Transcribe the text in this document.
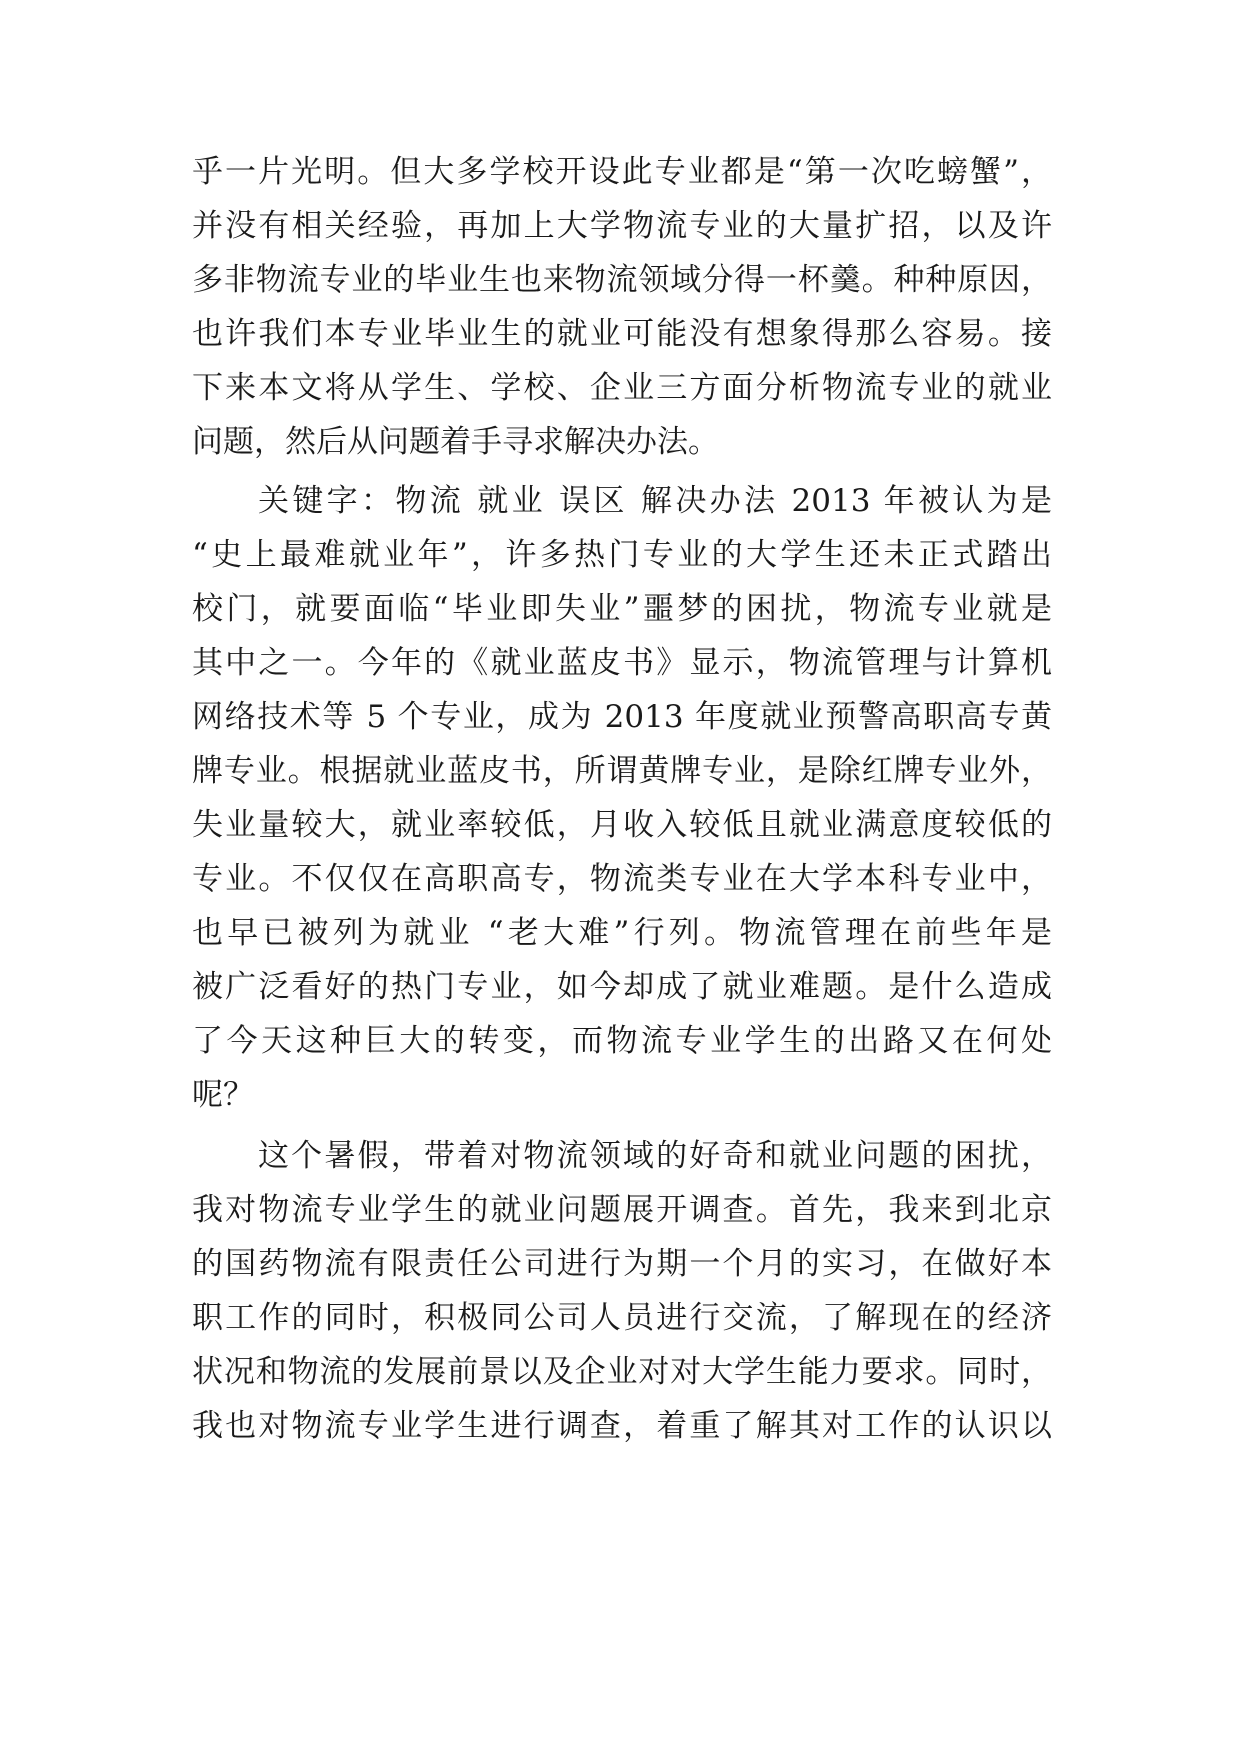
乎一片光明。但大多学校开设此专业都是“第一次吃螃蟹”，
并没有相关经验，再加上大学物流专业的大量扩招，以及许
多非物流专业的毕业生也来物流领域分得一杯羹。种种原因，
也许我们本专业毕业生的就业可能没有想象得那么容易。接
下来本文将从学生、学校、企业三方面分析物流专业的就业
问题，然后从问题着手寻求解决办法。
关键字：物流 就业 误区 解决办法 2013 年被认为是
“史上最难就业年”，许多热门专业的大学生还未正式踏出
校门，就要面临“毕业即失业”噩梦的困扰，物流专业就是
其中之一。今年的《就业蓝皮书》显示，物流管理与计算机
网络技术等 5 个专业，成为 2013 年度就业预警高职高专黄
牌专业。根据就业蓝皮书，所谓黄牌专业，是除红牌专业外，
失业量较大，就业率较低，月收入较低且就业满意度较低的
专业。不仅仅在高职高专，物流类专业在大学本科专业中，
也早已被列为就业 “老大难”行列。物流管理在前些年是
被广泛看好的热门专业，如今却成了就业难题。是什么造成
了今天这种巨大的转变，而物流专业学生的出路又在何处
呢？
这个暑假，带着对物流领域的好奇和就业问题的困扰，
我对物流专业学生的就业问题展开调查。首先，我来到北京
的国药物流有限责任公司进行为期一个月的实习，在做好本
职工作的同时，积极同公司人员进行交流，了解现在的经济
状况和物流的发展前景以及企业对对大学生能力要求。同时，
我也对物流专业学生进行调查，着重了解其对工作的认识以
